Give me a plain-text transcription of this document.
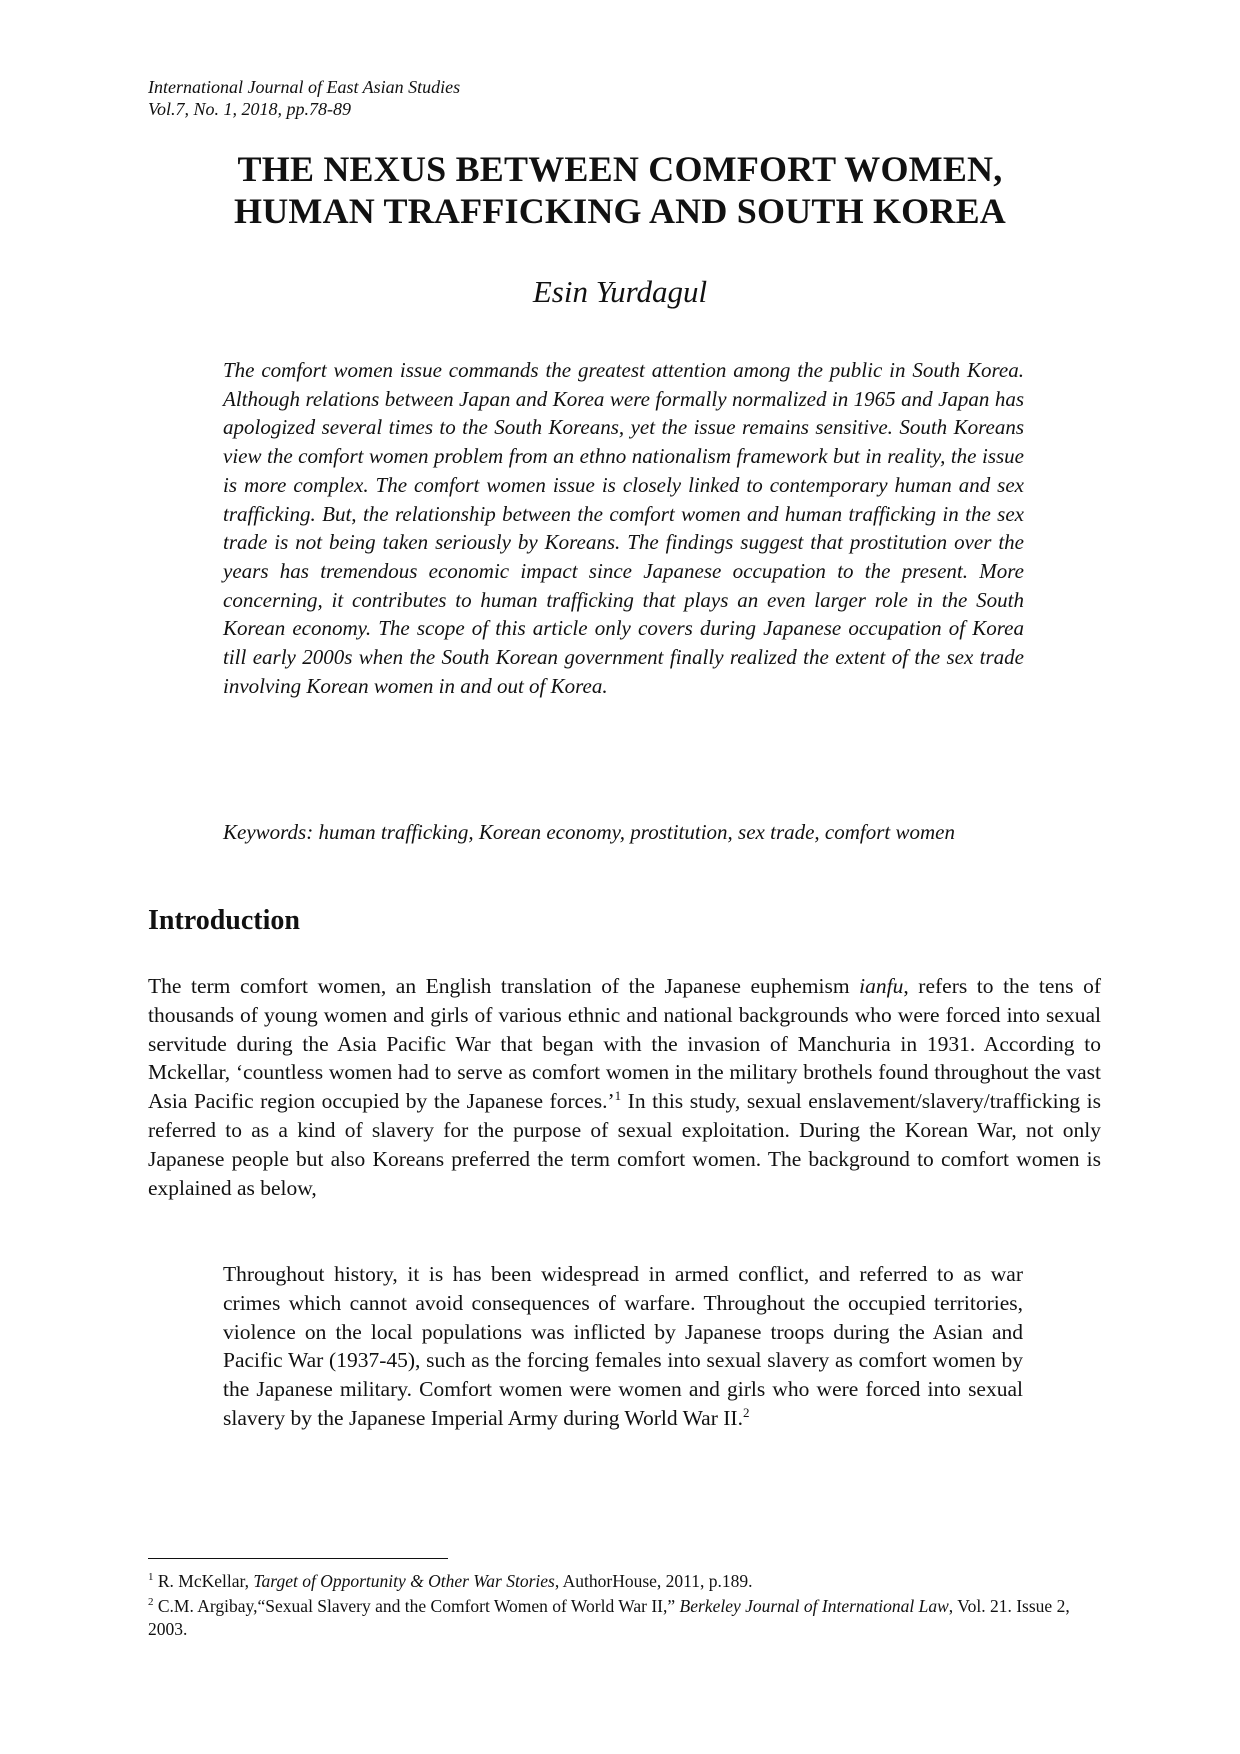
International Journal of East Asian Studies
Vol.7, No. 1, 2018, pp.78-89
THE NEXUS BETWEEN COMFORT WOMEN,
HUMAN TRAFFICKING AND SOUTH KOREA
Esin Yurdagul

The comfort women issue commands the greatest attention among the public in South Korea. Although relations between Japan and Korea were formally normalized in 1965 and Japan has apologized several times to the South Koreans, yet the issue remains sensitive. South Koreans view the comfort women problem from an ethno nationalism framework but in reality, the issue is more complex. The comfort women issue is closely linked to contemporary human and sex trafficking. But, the relationship between the comfort women and human trafficking in the sex trade is not being taken seriously by Koreans. The findings suggest that prostitution over the years has tremendous economic impact since Japanese occupation to the present. More concerning, it contributes to human trafficking that plays an even larger role in the South Korean economy. The scope of this article only covers during Japanese occupation of Korea till early 2000s when the South Korean government finally realized the extent of the sex trade involving Korean women in and out of Korea.

Keywords: human trafficking, Korean economy, prostitution, sex trade, comfort women

Introduction

The term comfort women, an English translation of the Japanese euphemism ianfu, refers to the tens of thousands of young women and girls of various ethnic and national backgrounds who were forced into sexual servitude during the Asia Pacific War that began with the invasion of Manchuria in 1931. According to Mckellar, ‘countless women had to serve as comfort women in the military brothels found throughout the vast Asia Pacific region occupied by the Japanese forces.’$^1$ In this study, sexual enslavement/slavery/trafficking is referred to as a kind of slavery for the purpose of sexual exploitation. During the Korean War, not only Japanese people but also Koreans preferred the term comfort women. The background to comfort women is explained as below,

Throughout history, it is has been widespread in armed conflict, and referred to as war crimes which cannot avoid consequences of warfare. Throughout the occupied territories, violence on the local populations was inflicted by Japanese troops during the Asian and Pacific War (1937-45), such as the forcing females into sexual slavery as comfort women by the Japanese military. Comfort women were women and girls who were forced into sexual slavery by the Japanese Imperial Army during World War II.$^2$

$^1$ R. McKellar, Target of Opportunity & Other War Stories, AuthorHouse, 2011, p.189.

$^2$ C.M. Argibay,“Sexual Slavery and the Comfort Women of World War II,” Berkeley Journal of International Law, Vol. 21. Issue 2, 2003.
